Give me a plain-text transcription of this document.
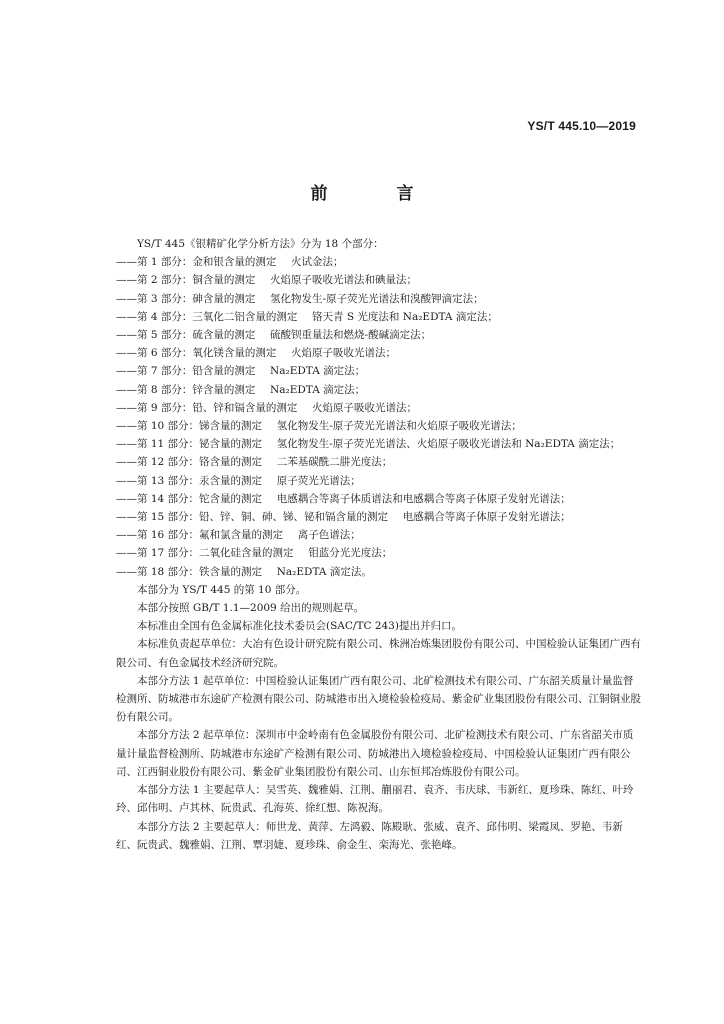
YS/T 445.10—2019
前　言

YS/T 445《银精矿化学分析方法》分为 18 个部分：

——第 1 部分：金和银含量的测定 火试金法；

——第 2 部分：铜含量的测定 火焰原子吸收光谱法和碘量法；

——第 3 部分：砷含量的测定 氢化物发生-原子荧光光谱法和溴酸钾滴定法；

——第 4 部分：三氧化二铝含量的测定 铬天青 S 光度法和 Na₂EDTA 滴定法；

——第 5 部分：硫含量的测定 硫酸钡重量法和燃烧-酸碱滴定法；

——第 6 部分：氧化镁含量的测定 火焰原子吸收光谱法；

——第 7 部分：铅含量的测定 Na₂EDTA 滴定法；

——第 8 部分：锌含量的测定 Na₂EDTA 滴定法；

——第 9 部分：铅、锌和镉含量的测定 火焰原子吸收光谱法；

——第 10 部分：锑含量的测定 氢化物发生-原子荧光光谱法和火焰原子吸收光谱法；

——第 11 部分：铋含量的测定 氢化物发生-原子荧光光谱法、火焰原子吸收光谱法和 Na₂EDTA 滴定法；

——第 12 部分：铬含量的测定 二苯基碳酰二肼光度法；

——第 13 部分：汞含量的测定 原子荧光光谱法；

——第 14 部分：铊含量的测定 电感耦合等离子体质谱法和电感耦合等离子体原子发射光谱法；

——第 15 部分：铅、锌、铜、砷、锑、铋和镉含量的测定 电感耦合等离子体原子发射光谱法；

——第 16 部分：氟和氯含量的测定 离子色谱法；

——第 17 部分：二氧化硅含量的测定 钼蓝分光光度法；

——第 18 部分：铁含量的测定 Na₂EDTA 滴定法。

本部分为 YS/T 445 的第 10 部分。

本部分按照 GB/T 1.1—2009 给出的规则起草。

本标准由全国有色金属标准化技术委员会(SAC/TC 243)提出并归口。

本标准负责起草单位：大冶有色设计研究院有限公司、株洲冶炼集团股份有限公司、中国检验认证集团广西有限公司、有色金属技术经济研究院。

本部分方法 1 起草单位：中国检验认证集团广西有限公司、北矿检测技术有限公司、广东韶关质量计量监督检测所、防城港市东途矿产检测有限公司、防城港市出入境检验检疫局、紫金矿业集团股份有限公司、江铜铜业股份有限公司。

本部分方法 2 起草单位：深圳市中金岭南有色金属股份有限公司、北矿检测技术有限公司、广东省韶关市质量计量监督检测所、防城港市东途矿产检测有限公司、防城港出入境检验检疫局、中国检验认证集团广西有限公司、江西铜业股份有限公司、紫金矿业集团股份有限公司、山东恒邦冶炼股份有限公司。

本部分方法 1 主要起草人：吴雪英、魏雅娟、江荆、蒯丽君、袁齐、韦庆球、韦新红、夏珍珠、陈红、叶玲玲、邱伟明、卢其林、阮贵武、孔海英、徐红想、陈祝海。

本部分方法 2 主要起草人：师世龙、黄萍、左鸿毅、陈殿耿、张威、袁齐、邱伟明、梁霞凤、罗艳、韦新红、阮贵武、魏雅娟、江荆、覃羽婕、夏珍珠、俞金生、栾海光、张艳峰。
